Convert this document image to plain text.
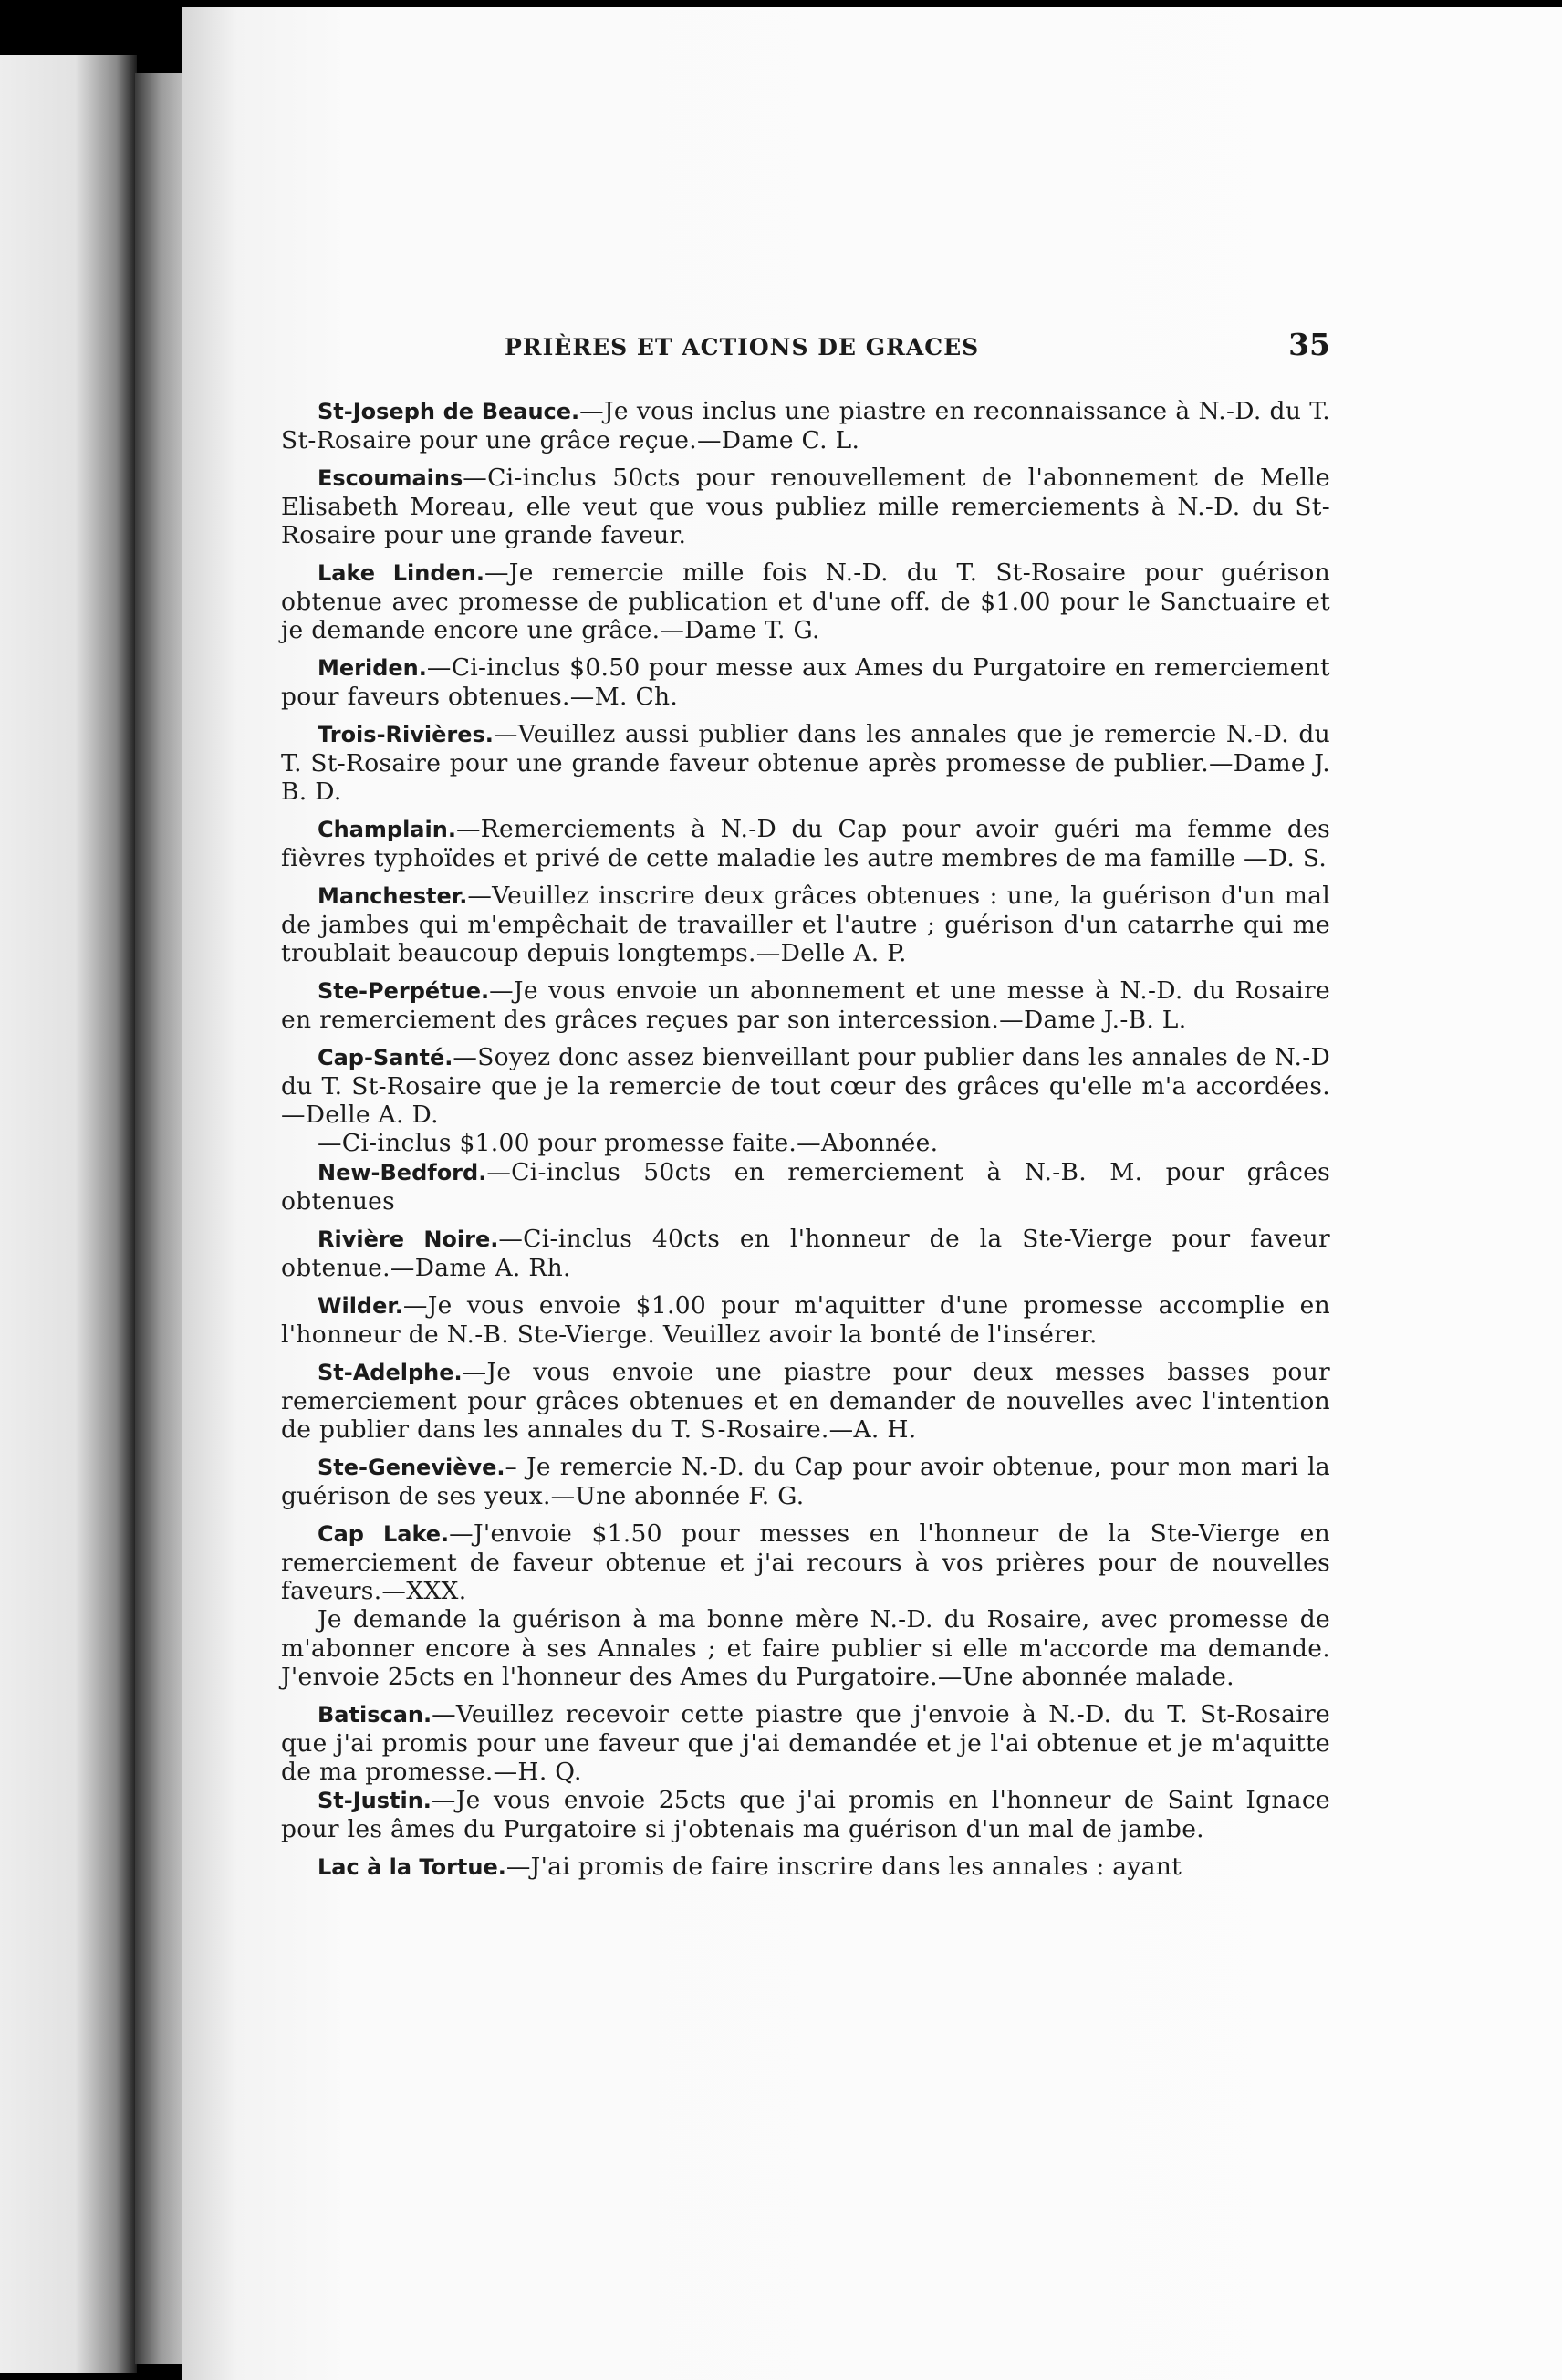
PRIÈRES ET ACTIONS DE GRACES	35

St-Joseph de Beauce.—Je vous inclus une piastre en reconnaissance à N.-D. du T. St-Rosaire pour une grâce reçue.—Dame C. L.

Escoumains—Ci-inclus 50cts pour renouvellement de l'abonnement de Melle Elisabeth Moreau, elle veut que vous publiez mille remerciements à N.-D. du St-Rosaire pour une grande faveur.

Lake Linden.—Je remercie mille fois N.-D. du T. St-Rosaire pour guérison obtenue avec promesse de publication et d'une off. de $1.00 pour le Sanctuaire et je demande encore une grâce.—Dame T. G.

Meriden.—Ci-inclus $0.50 pour messe aux Ames du Purgatoire en remerciement pour faveurs obtenues.—M. Ch.

Trois-Rivières.—Veuillez aussi publier dans les annales que je remercie N.-D. du T. St-Rosaire pour une grande faveur obtenue après promesse de publier.—Dame J. B. D.

Champlain.—Remerciements à N.-D du Cap pour avoir guéri ma femme des fièvres typhoïdes et privé de cette maladie les autre membres de ma famille —D. S.

Manchester.—Veuillez inscrire deux grâces obtenues : une, la guérison d'un mal de jambes qui m'empêchait de travailler et l'autre ; guérison d'un catarrhe qui me troublait beaucoup depuis longtemps.—Delle A. P.

Ste-Perpétue.—Je vous envoie un abonnement et une messe à N.-D. du Rosaire en remerciement des grâces reçues par son intercession.—Dame J.-B. L.

Cap-Santé.—Soyez donc assez bienveillant pour publier dans les annales de N.-D du T. St-Rosaire que je la remercie de tout cœur des grâces qu'elle m'a accordées.—Delle A. D.

—Ci-inclus $1.00 pour promesse faite.—Abonnée.

New-Bedford.—Ci-inclus 50cts en remerciement à N.-B. M. pour grâces obtenues

Rivière Noire.—Ci-inclus 40cts en l'honneur de la Ste-Vierge pour faveur obtenue.—Dame A. Rh.

Wilder.—Je vous envoie $1.00 pour m'aquitter d'une promesse accomplie en l'honneur de N.-B. Ste-Vierge. Veuillez avoir la bonté de l'insérer.

St-Adelphe.—Je vous envoie une piastre pour deux messes basses pour remerciement pour grâces obtenues et en demander de nouvelles avec l'intention de publier dans les annales du T. S-Rosaire.—A. H.

Ste-Geneviève.– Je remercie N.-D. du Cap pour avoir obtenue, pour mon mari la guérison de ses yeux.—Une abonnée F. G.

Cap Lake.—J'envoie $1.50 pour messes en l'honneur de la Ste-Vierge en remerciement de faveur obtenue et j'ai recours à vos prières pour de nouvelles faveurs.—XXX.

Je demande la guérison à ma bonne mère N.-D. du Rosaire, avec promesse de m'abonner encore à ses Annales ; et faire publier si elle m'accorde ma demande. J'envoie 25cts en l'honneur des Ames du Purgatoire.—Une abonnée malade.

Batiscan.—Veuillez recevoir cette piastre que j'envoie à N.-D. du T. St-Rosaire que j'ai promis pour une faveur que j'ai demandée et je l'ai obtenue et je m'aquitte de ma promesse.—H. Q.

St-Justin.—Je vous envoie 25cts que j'ai promis en l'honneur de Saint Ignace pour les âmes du Purgatoire si j'obtenais ma guérison d'un mal de jambe.

Lac à la Tortue.—J'ai promis de faire inscrire dans les annales : ayant
